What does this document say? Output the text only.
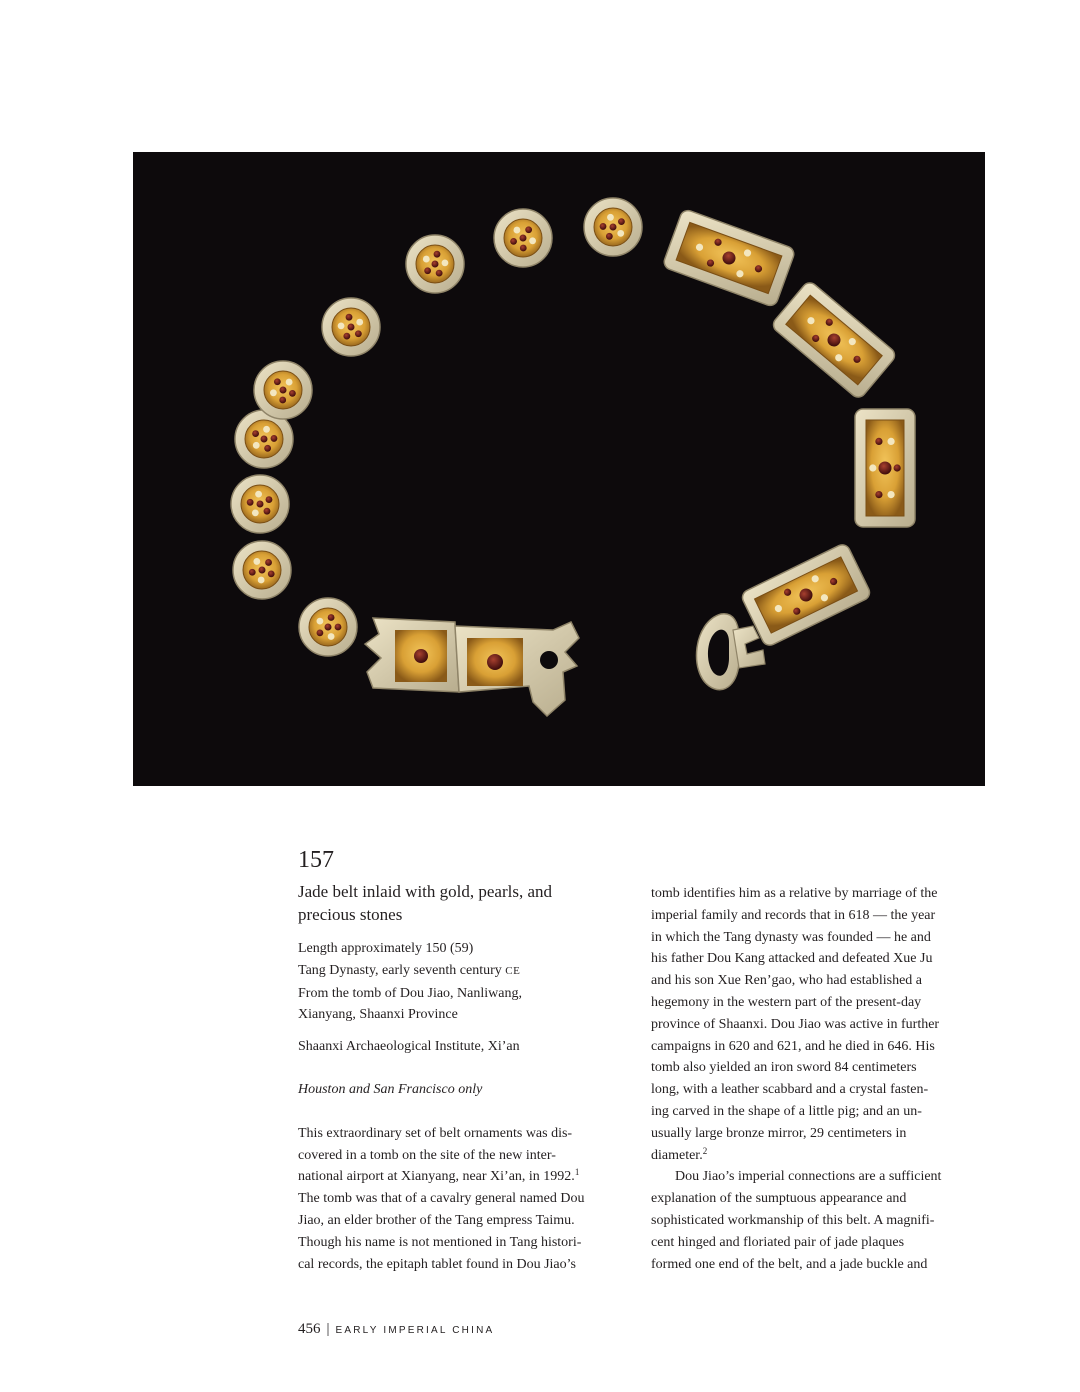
157
Jade belt inlaid with gold, pearls, and
precious stones
Length approximately 150 (59)
Tang Dynasty, early seventh century CE
From the tomb of Dou Jiao, Nanliwang,
Xianyang, Shaanxi Province
Shaanxi Archaeological Institute, Xi’an
Houston and San Francisco only

This extraordinary set of belt ornaments was dis-
covered in a tomb on the site of the new inter-
national airport at Xianyang, near Xi’an, in 1992.$^1$
The tomb was that of a cavalry general named Dou
Jiao, an elder brother of the Tang empress Taimu.
Though his name is not mentioned in Tang histori-
cal records, the epitaph tablet found in Dou Jiao’s

tomb identifies him as a relative by marriage of the
imperial family and records that in 618 — the year
in which the Tang dynasty was founded — he and
his father Dou Kang attacked and defeated Xue Ju
and his son Xue Ren’gao, who had established a
hegemony in the western part of the present-day
province of Shaanxi. Dou Jiao was active in further
campaigns in 620 and 621, and he died in 646. His
tomb also yielded an iron sword 84 centimeters
long, with a leather scabbard and a crystal fasten-
ing carved in the shape of a little pig; and an un-
usually large bronze mirror, 29 centimeters in
diameter.$^2$
Dou Jiao’s imperial connections are a sufficient
explanation of the sumptuous appearance and
sophisticated workmanship of this belt. A magnifi-
cent hinged and floriated pair of jade plaques
formed one end of the belt, and a jade buckle and

456 | EARLY IMPERIAL CHINA
